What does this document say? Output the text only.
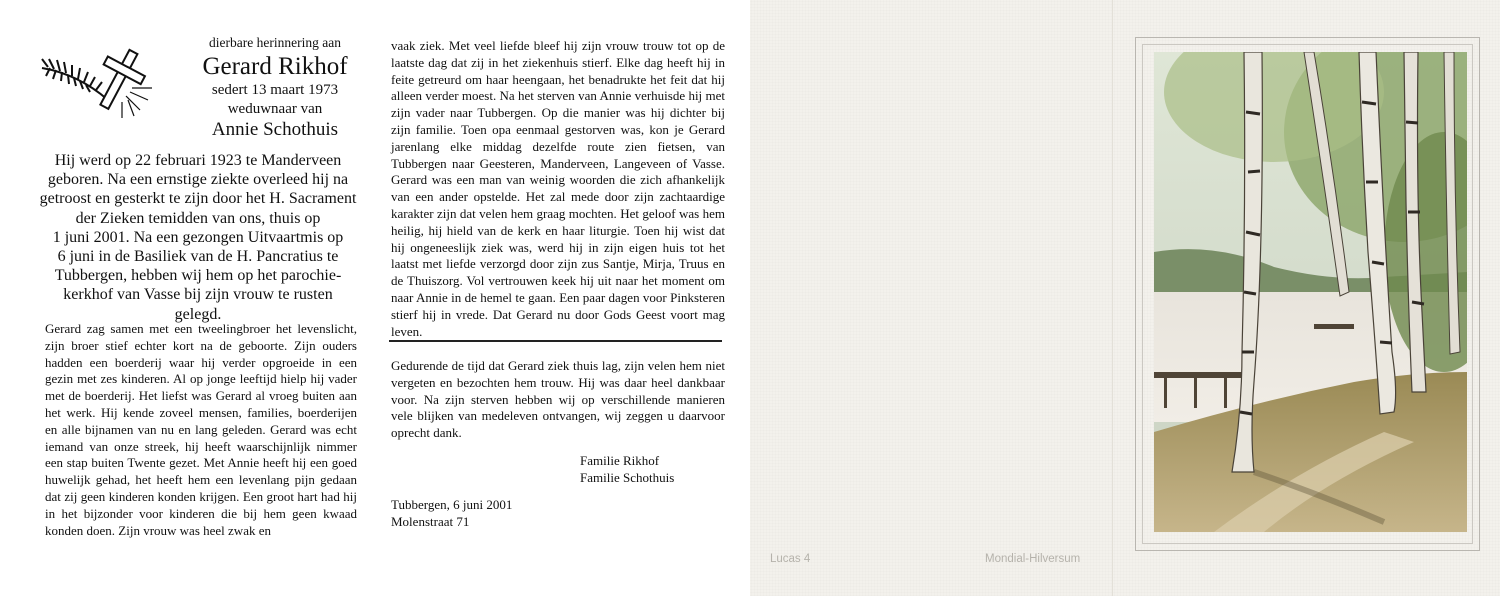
dierbare herinnering aan
Gerard Rikhof
sedert 13 maart 1973
weduwnaar van
Annie Schothuis
Hij werd op 22 februari 1923 te Manderveen
geboren. Na een ernstige ziekte overleed hij na
getroost en gesterkt te zijn door het H. Sacrament
der Zieken temidden van ons, thuis op
1 juni 2001. Na een gezongen Uitvaartmis op
6 juni in de Basiliek van de H. Pancratius te
Tubbergen, hebben wij hem op het parochie-
kerkhof van Vasse bij zijn vrouw te rusten gelegd.

Gerard zag samen met een tweelingbroer het levenslicht, zijn broer stief echter kort na de geboorte. Zijn ouders hadden een boerderij waar hij verder opgroeide in een gezin met zes kinderen. Al op jonge leeftijd hielp hij vader met de boerderij. Het liefst was Gerard al vroeg buiten aan het werk. Hij kende zoveel mensen, families, boerderijen en alle bijnamen van nu en lang geleden. Gerard was echt iemand van onze streek, hij heeft waarschijnlijk nimmer een stap buiten Twente gezet. Met Annie heeft hij een goed huwelijk gehad, het heeft hem een levenlang pijn gedaan dat zij geen kinderen konden krijgen. Een groot hart had hij in het bijzonder voor kinderen die bij hem geen kwaad konden doen. Zijn vrouw was heel zwak en

vaak ziek. Met veel liefde bleef hij zijn vrouw trouw tot op de laatste dag dat zij in het ziekenhuis stierf. Elke dag heeft hij in feite getreurd om haar heengaan, het benadrukte het feit dat hij alleen verder moest. Na het sterven van Annie verhuisde hij met zijn vader naar Tubbergen. Op die manier was hij dichter bij zijn familie. Toen opa eenmaal gestorven was, kon je Gerard jarenlang elke middag dezelfde route zien fietsen, van Tubbergen naar Geesteren, Manderveen, Langeveen of Vasse. Gerard was een man van weinig woorden die zich afhankelijk van een ander opstelde. Het zal mede door zijn zachtaardige karakter zijn dat velen hem graag mochten. Het geloof was hem heilig, hij hield van de kerk en haar liturgie. Toen hij wist dat hij ongeneeslijk ziek was, werd hij in zijn eigen huis tot het laatst met liefde verzorgd door zijn zus Santje, Mirja, Truus en de Thuiszorg. Vol vertrouwen keek hij uit naar het moment om naar Annie in de hemel te gaan. Een paar dagen voor Pinksteren stierf hij in vrede. Dat Gerard nu door Gods Geest voort mag leven.

Gedurende de tijd dat Gerard ziek thuis lag, zijn velen hem niet vergeten en bezochten hem trouw. Hij was daar heel dankbaar voor. Na zijn sterven hebben wij op verschillende manieren vele blijken van medeleven ontvangen, wij zeggen u daarvoor oprecht dank.

Familie Rikhof
Familie Schothuis
Tubbergen, 6 juni 2001
Molenstraat 71
Lucas 4	Mondial-Hilversum
